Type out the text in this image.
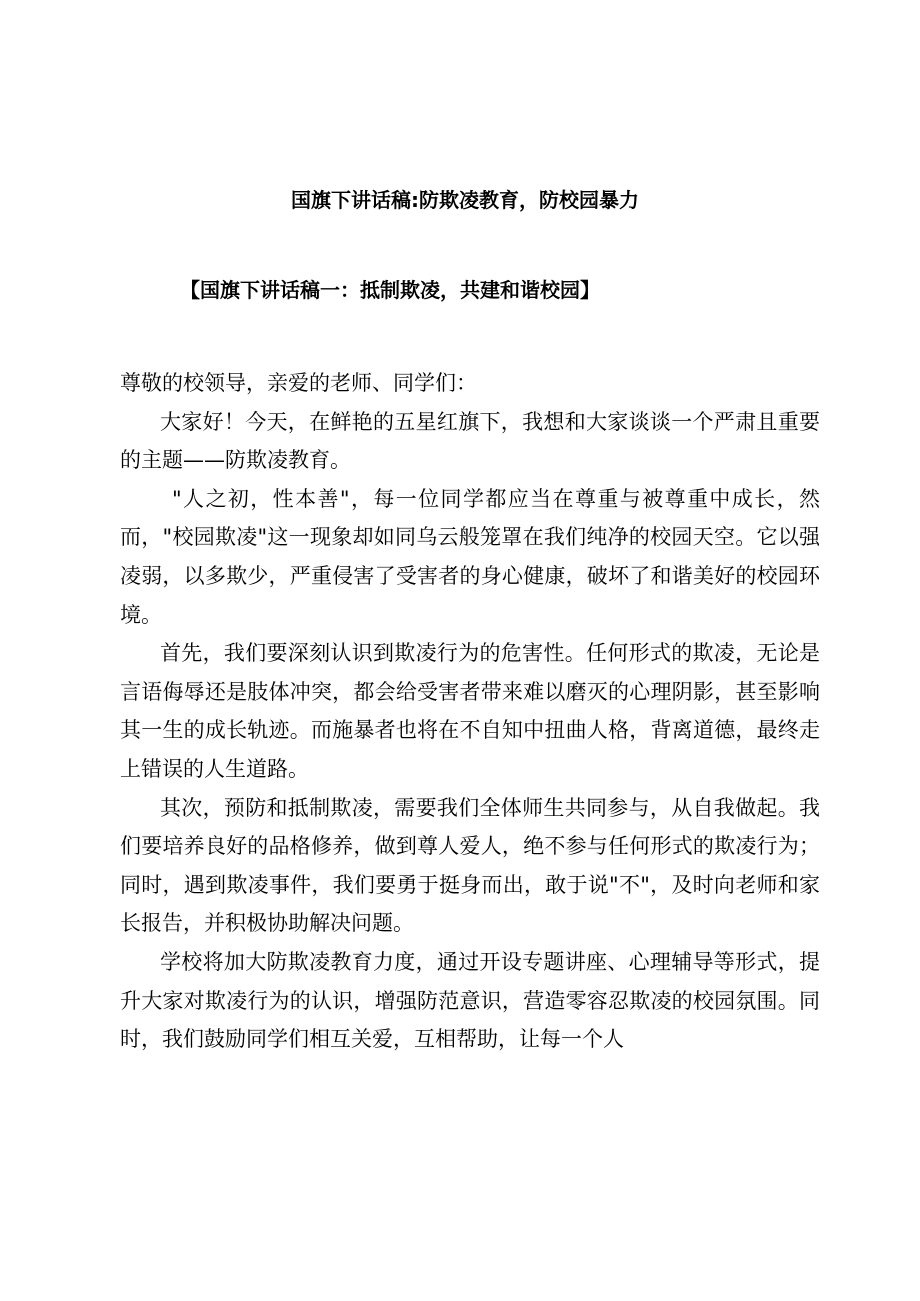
国旗下讲话稿:防欺凌教育，防校园暴力
【国旗下讲话稿一：抵制欺凌，共建和谐校园】

尊敬的校领导，亲爱的老师、同学们：

大家好！今天，在鲜艳的五星红旗下，我想和大家谈谈一个严肃且重要的主题——防欺凌教育。

"人之初，性本善"，每一位同学都应当在尊重与被尊重中成长，然而，"校园欺凌"这一现象却如同乌云般笼罩在我们纯净的校园天空。它以强凌弱，以多欺少，严重侵害了受害者的身心健康，破坏了和谐美好的校园环境。

首先，我们要深刻认识到欺凌行为的危害性。任何形式的欺凌，无论是言语侮辱还是肢体冲突，都会给受害者带来难以磨灭的心理阴影，甚至影响其一生的成长轨迹。而施暴者也将在不自知中扭曲人格，背离道德，最终走上错误的人生道路。

其次，预防和抵制欺凌，需要我们全体师生共同参与，从自我做起。我们要培养良好的品格修养，做到尊人爱人，绝不参与任何形式的欺凌行为；同时，遇到欺凌事件，我们要勇于挺身而出，敢于说"不"，及时向老师和家长报告，并积极协助解决问题。

学校将加大防欺凌教育力度，通过开设专题讲座、心理辅导等形式，提升大家对欺凌行为的认识，增强防范意识，营造零容忍欺凌的校园氛围。同时，我们鼓励同学们相互关爱，互相帮助，让每一个人
